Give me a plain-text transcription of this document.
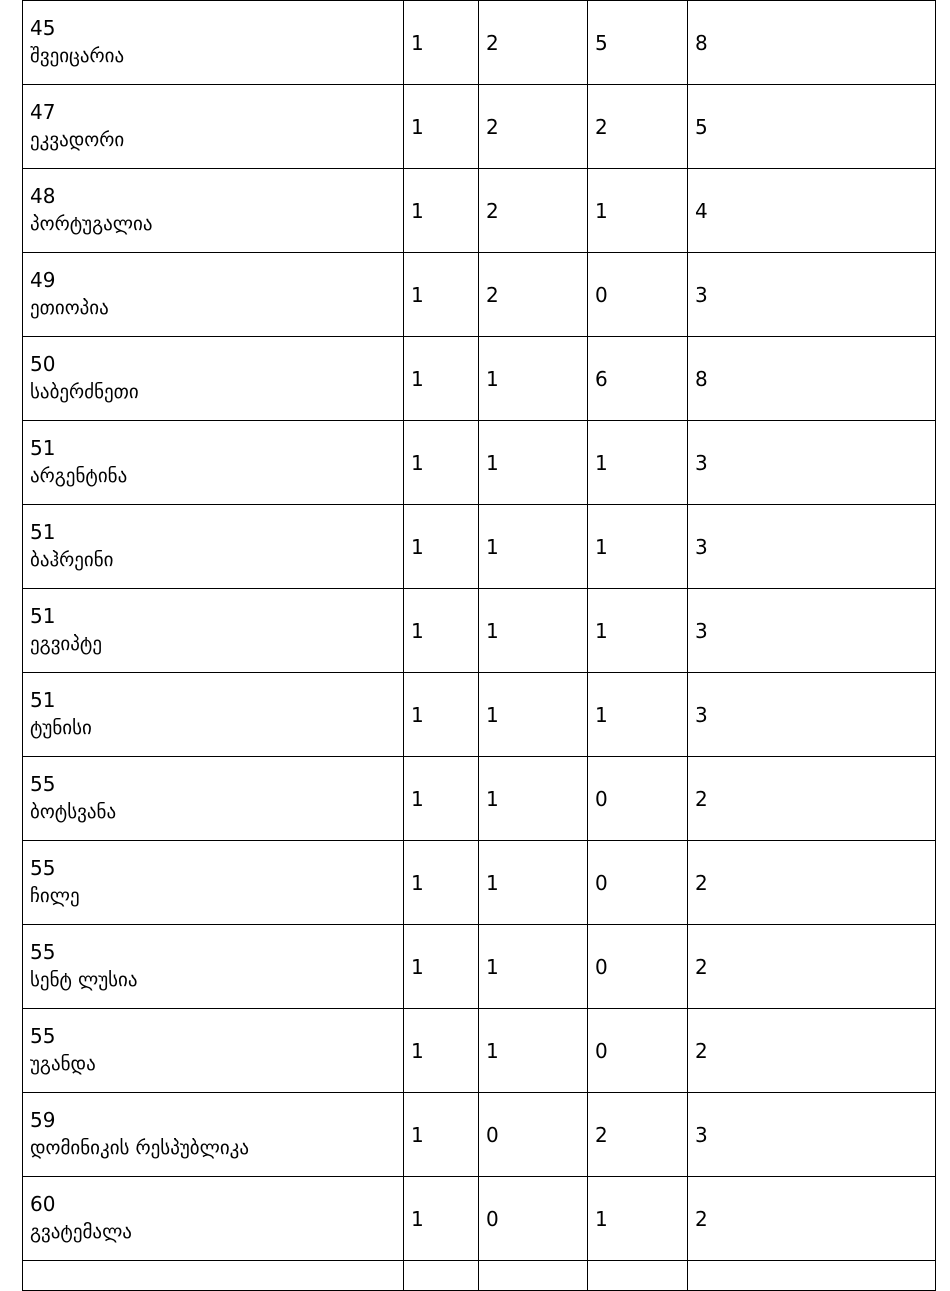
45
შვეიცარია	1	2	5	8

47
ეკვადორი	1	2	2	5

48
პორტუგალია	1	2	1	4

49
ეთიოპია	1	2	0	3

50
საბერძნეთი	1	1	6	8

51
არგენტინა	1	1	1	3

51
ბაჰრეინი	1	1	1	3

51
ეგვიპტე	1	1	1	3

51
ტუნისი	1	1	1	3

55
ბოტსვანა	1	1	0	2

55
ჩილე	1	1	0	2

55
სენტ ლუსია	1	1	0	2

55
უგანდა	1	1	0	2

59
დომინიკის რესპუბლიკა	1	0	2	3

60
გვატემალა	1	0	1	2
